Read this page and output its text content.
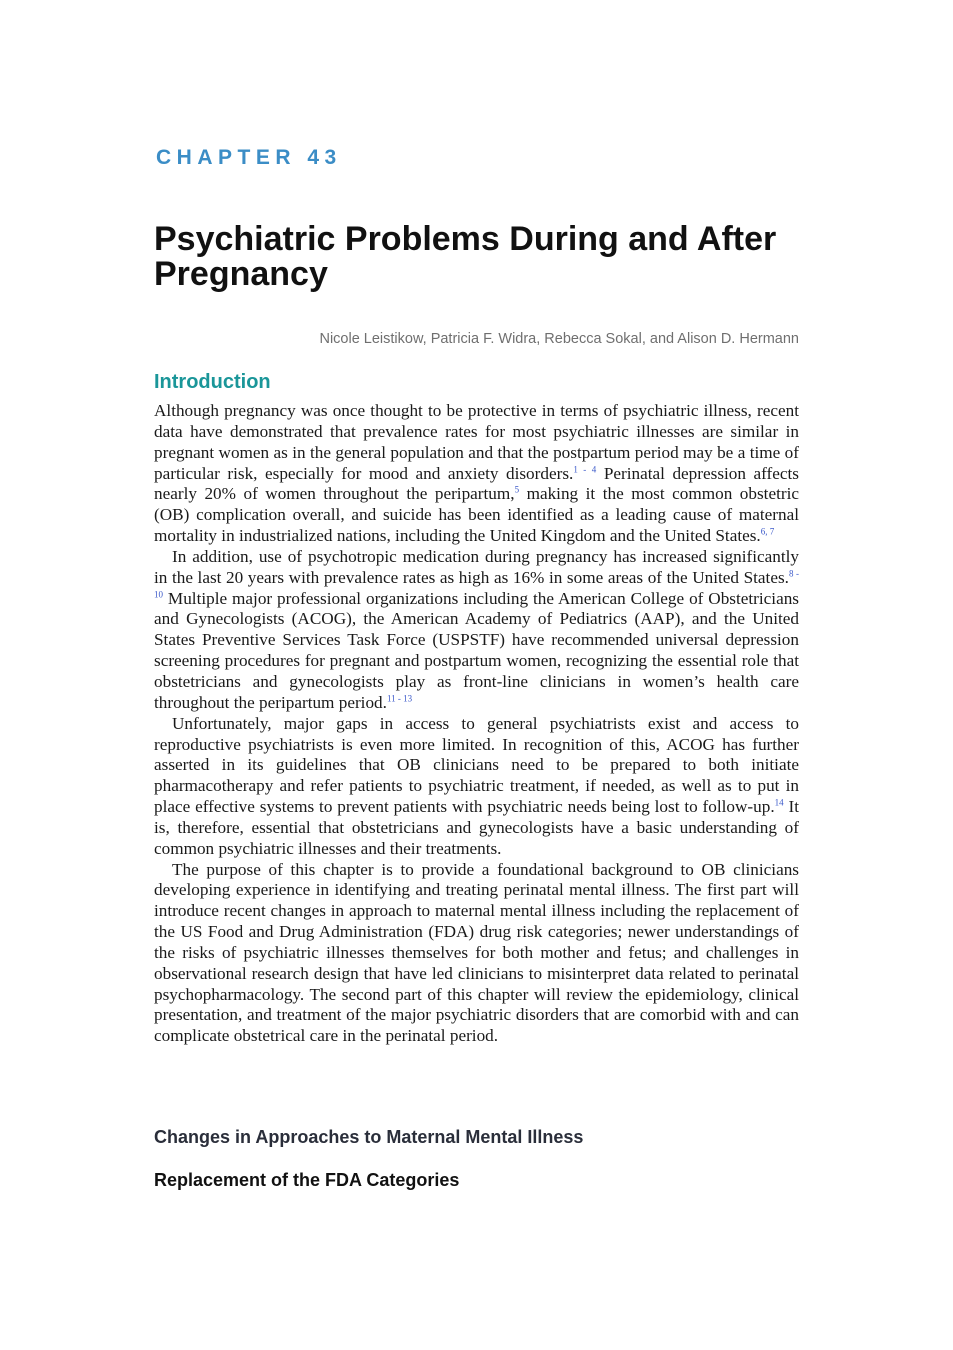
CHAPTER 43
Psychiatric Problems During and After Pregnancy
Nicole Leistikow, Patricia F. Widra, Rebecca Sokal, and Alison D. Hermann
Introduction

Although pregnancy was once thought to be protective in terms of psychiatric illness, recent data have demonstrated that prevalence rates for most psychiatric illnesses are similar in pregnant women as in the general population and that the postpartum period may be a time of particular risk, especially for mood and anxiety disorders.$^{1 - 4}$ Perinatal depression affects nearly 20% of women throughout the peripartum,$^5$ making it the most common obstetric (OB) complication overall, and suicide has been identified as a leading cause of maternal mortality in industrialized nations, including the United Kingdom and the United States.$^{6, 7}$

In addition, use of psychotropic medication during pregnancy has increased significantly in the last 20 years with prevalence rates as high as 16% in some areas of the United States.$^{8 - 10}$ Multiple major professional organizations including the American College of Obstetricians and Gynecologists (ACOG), the American Academy of Pediatrics (AAP), and the United States Preventive Services Task Force (USPSTF) have recommended universal depression screening procedures for pregnant and postpartum women, recognizing the essential role that obstetricians and gynecologists play as front-line clinicians in women’s health care throughout the peripartum period.$^{11 - 13}$

Unfortunately, major gaps in access to general psychiatrists exist and access to reproductive psychiatrists is even more limited. In recognition of this, ACOG has further asserted in its guidelines that OB clinicians need to be prepared to both initiate pharmacotherapy and refer patients to psychiatric treatment, if needed, as well as to put in place effective systems to prevent patients with psychiatric needs being lost to follow-up.$^{14}$ It is, therefore, essential that obstetricians and gynecologists have a basic understanding of common psychiatric illnesses and their treatments.

The purpose of this chapter is to provide a foundational background to OB clinicians developing experience in identifying and treating perinatal mental illness. The first part will introduce recent changes in approach to maternal mental illness including the replacement of the US Food and Drug Administration (FDA) drug risk categories; newer understandings of the risks of psychiatric illnesses themselves for both mother and fetus; and challenges in observational research design that have led clinicians to misinterpret data related to perinatal psychopharmacology. The second part of this chapter will review the epidemiology, clinical presentation, and treatment of the major psychiatric disorders that are comorbid with and can complicate obstetrical care in the perinatal period.

Changes in Approaches to Maternal Mental Illness
Replacement of the FDA Categories
